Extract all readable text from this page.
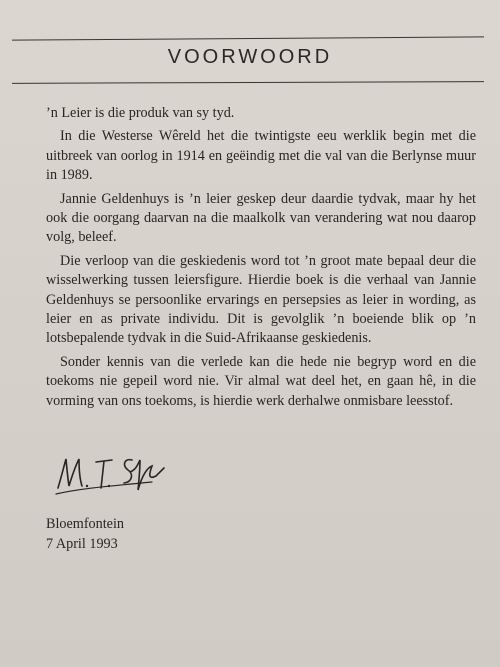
VOORWOORD

’n Leier is die produk van sy tyd.

In die Westerse Wêreld het die twintigste eeu werklik begin met die uitbreek van oorlog in 1914 en geëindig met die val van die Berlynse muur in 1989.

Jannie Geldenhuys is ’n leier geskep deur daardie tydvak, maar hy het ook die oorgang daarvan na die maalkolk van verandering wat nou daarop volg, beleef.

Die verloop van die geskiedenis word tot ’n groot mate bepaal deur die wisselwerking tussen leiersfigure. Hierdie boek is die verhaal van Jannie Geldenhuys se persoonlike ervarings en persepsies as leier in wording, as leier en as private individu. Dit is gevolglik ’n boeiende blik op ’n lotsbepalende tydvak in die Suid-Afrikaanse geskiedenis.

Sonder kennis van die verlede kan die hede nie begryp word en die toekoms nie gepeil word nie. Vir almal wat deel het, en gaan hê, in die vorming van ons toekoms, is hierdie werk derhalwe onmisbare leesstof.

Bloemfontein
7 April 1993
